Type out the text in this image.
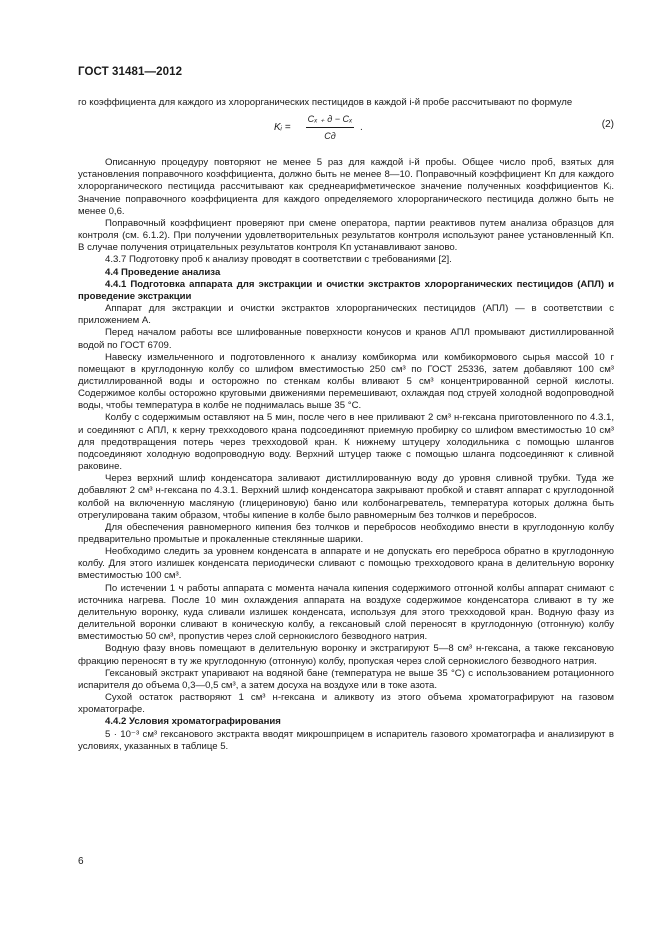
ГОСТ 31481—2012

го коэффициента для каждого из хлорорганических пестицидов в каждой i-й пробе рассчитывают по формуле

Kᵢ =
Cₓ ₊ д − Cₓ
Cд
.	(2)

Описанную процедуру повторяют не менее 5 раз для каждой i-й пробы. Общее число проб, взятых для установления поправочного коэффициента, должно быть не менее 8—10. Поправочный коэффициент Kп для каждого хлорорганического пестицида рассчитывают как среднеарифметическое значение полученных коэффициентов Kᵢ. Значение поправочного коэффициента для каждого определяемого хлорорганического пестицида должно быть не менее 0,6.

Поправочный коэффициент проверяют при смене оператора, партии реактивов путем анализа образцов для контроля (см. 6.1.2). При получении удовлетворительных результатов контроля используют ранее установленный Kп. В случае получения отрицательных результатов контроля Kп устанавливают заново.

4.3.7 Подготовку проб к анализу проводят в соответствии с требованиями [2].

4.4 Проведение анализа

4.4.1 Подготовка аппарата для экстракции и очистки экстрактов хлорорганических пестицидов (АПЛ) и проведение экстракции

Аппарат для экстракции и очистки экстрактов хлорорганических пестицидов (АПЛ) — в соответствии с приложением А.

Перед началом работы все шлифованные поверхности конусов и кранов АПЛ промывают дистиллированной водой по ГОСТ 6709.

Навеску измельченного и подготовленного к анализу комбикорма или комбикормового сырья массой 10 г помещают в круглодонную колбу со шлифом вместимостью 250 см³ по ГОСТ 25336, затем добавляют 100 см³ дистиллированной воды и осторожно по стенкам колбы вливают 5 см³ концентрированной серной кислоты. Содержимое колбы осторожно круговыми движениями перемешивают, охлаждая под струей холодной водопроводной воды, чтобы температура в колбе не поднималась выше 35 °С.

Колбу с содержимым оставляют на 5 мин, после чего в нее приливают 2 см³ н-гексана приготовленного по 4.3.1, и соединяют с АПЛ, к керну трехходового крана подсоединяют приемную пробирку со шлифом вместимостью 10 см³ для предотвращения потерь через трехходовой кран. К нижнему штуцеру холодильника с помощью шлангов подсоединяют холодную водопроводную воду. Верхний штуцер также с помощью шланга подсоединяют к сливной раковине.

Через верхний шлиф конденсатора заливают дистиллированную воду до уровня сливной трубки. Туда же добавляют 2 см³ н-гексана по 4.3.1. Верхний шлиф конденсатора закрывают пробкой и ставят аппарат с круглодонной колбой на включенную масляную (глицериновую) баню или колбонагреватель, температура которых должна быть отрегулирована таким образом, чтобы кипение в колбе было равномерным без толчков и перебросов.

Для обеспечения равномерного кипения без толчков и перебросов необходимо внести в круглодонную колбу предварительно промытые и прокаленные стеклянные шарики.

Необходимо следить за уровнем конденсата в аппарате и не допускать его переброса обратно в круглодонную колбу. Для этого излишек конденсата периодически сливают с помощью трехходового крана в делительную воронку вместимостью 100 см³.

По истечении 1 ч работы аппарата с момента начала кипения содержимого отгонной колбы аппарат снимают с источника нагрева. После 10 мин охлаждения аппарата на воздухе содержимое конденсатора сливают в ту же делительную воронку, куда сливали излишек конденсата, используя для этого трехходовой кран. Водную фазу из делительной воронки сливают в коническую колбу, а гексановый слой переносят в круглодонную (отгонную) колбу вместимостью 50 см³, пропустив через слой сернокислого безводного натрия.

Водную фазу вновь помещают в делительную воронку и экстрагируют 5—8 см³ н-гексана, а также гексановую фракцию переносят в ту же круглодонную (отгонную) колбу, пропуская через слой сернокислого безводного натрия.

Гексановый экстракт упаривают на водяной бане (температура не выше 35 °С) с использованием ротационного испарителя до объема 0,3—0,5 см³, а затем досуха на воздухе или в токе азота.

Сухой остаток растворяют 1 см³ н-гексана и аликвоту из этого объема хроматографируют на газовом хроматографе.

4.4.2 Условия хроматографирования

5 · 10⁻³ см³ гексанового экстракта вводят микрошприцем в испаритель газового хроматографа и анализируют в условиях, указанных в таблице 5.

6
